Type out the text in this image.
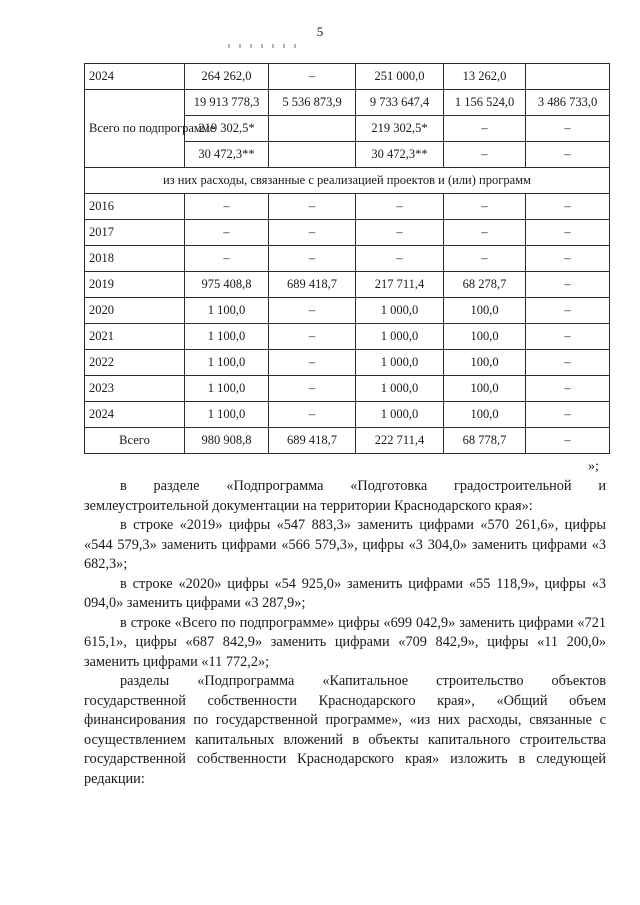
5
2024	264 262,0	–	251 000,0	13 262,0	
Всего по подпрограмме	19 913 778,3	5 536 873,9	9 733 647,4	1 156 524,0	3 486 733,0
	219 302,5*		219 302,5*	–	–
	30 472,3**		30 472,3**	–	–
из них расходы, связанные с реализацией проектов и (или) программ					
2016	–	–	–	–	–
2017	–	–	–	–	–
2018	–	–	–	–	–
2019	975 408,8	689 418,7	217 711,4	68 278,7	–
2020	1 100,0	–	1 000,0	100,0	–
2021	1 100,0	–	1 000,0	100,0	–
2022	1 100,0	–	1 000,0	100,0	–
2023	1 100,0	–	1 000,0	100,0	–
2024	1 100,0	–	1 000,0	100,0	–
Всего	980 908,8	689 418,7	222 711,4	68 778,7	–
»;

в разделе «Подпрограмма «Подготовка градостроительной и землеустроительной документации на территории Краснодарского края»:

в строке «2019» цифры «547 883,3» заменить цифрами «570 261,6», цифры «544 579,3» заменить цифрами «566 579,3», цифры «3 304,0» заменить цифрами «3 682,3»;

в строке «2020» цифры «54 925,0» заменить цифрами «55 118,9», цифры «3 094,0» заменить цифрами «3 287,9»;

в строке «Всего по подпрограмме» цифры «699 042,9» заменить цифрами «721 615,1», цифры «687 842,9» заменить цифрами «709 842,9», цифры «11 200,0» заменить цифрами «11 772,2»;

разделы «Подпрограмма «Капитальное строительство объектов государственной собственности Краснодарского края», «Общий объем финансирования по государственной программе», «из них расходы, связанные с осуществлением капитальных вложений в объекты капитального строительства государственной собственности Краснодарского края» изложить в следующей редакции:
